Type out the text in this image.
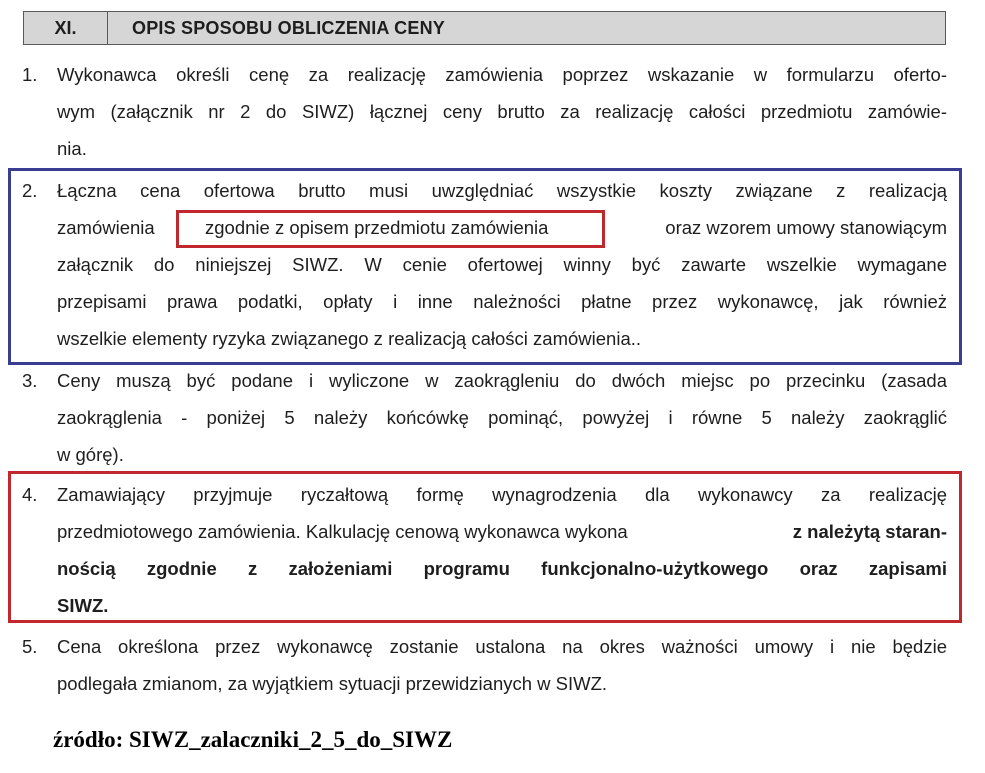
XI.	OPIS SPOSOBU OBLICZENIA CENY
1. Wykonawca określi cenę za realizację zamówienia poprzez wskazanie w formularzu oferto-
wym (załącznik nr 2 do SIWZ) łącznej ceny brutto za realizację całości przedmiotu zamówie-
nia.
2. Łączna cena ofertowa brutto musi uwzględniać wszystkie koszty związane z realizacją
zamówienia	zgodnie z opisem przedmiotu zamówienia	oraz wzorem umowy stanowiącym
załącznik do niniejszej SIWZ. W cenie ofertowej winny być zawarte wszelkie wymagane
przepisami prawa podatki, opłaty i inne należności płatne przez wykonawcę, jak również
wszelkie elementy ryzyka związanego z realizacją całości zamówienia..
3. Ceny muszą być podane i wyliczone w zaokrągleniu do dwóch miejsc po przecinku (zasada
zaokrąglenia - poniżej 5 należy końcówkę pominąć, powyżej i równe 5 należy zaokrąglić
w górę).
4. Zamawiający przyjmuje ryczałtową formę wynagrodzenia dla wykonawcy za realizację
przedmiotowego zamówienia. Kalkulację cenową wykonawca wykona	z należytą staran-
nością zgodnie z założeniami programu funkcjonalno-użytkowego oraz zapisami
SIWZ.
5. Cena określona przez wykonawcę zostanie ustalona na okres ważności umowy i nie będzie
podlegała zmianom, za wyjątkiem sytuacji przewidzianych w SIWZ.
źródło: SIWZ_zalaczniki_2_5_do_SIWZ
